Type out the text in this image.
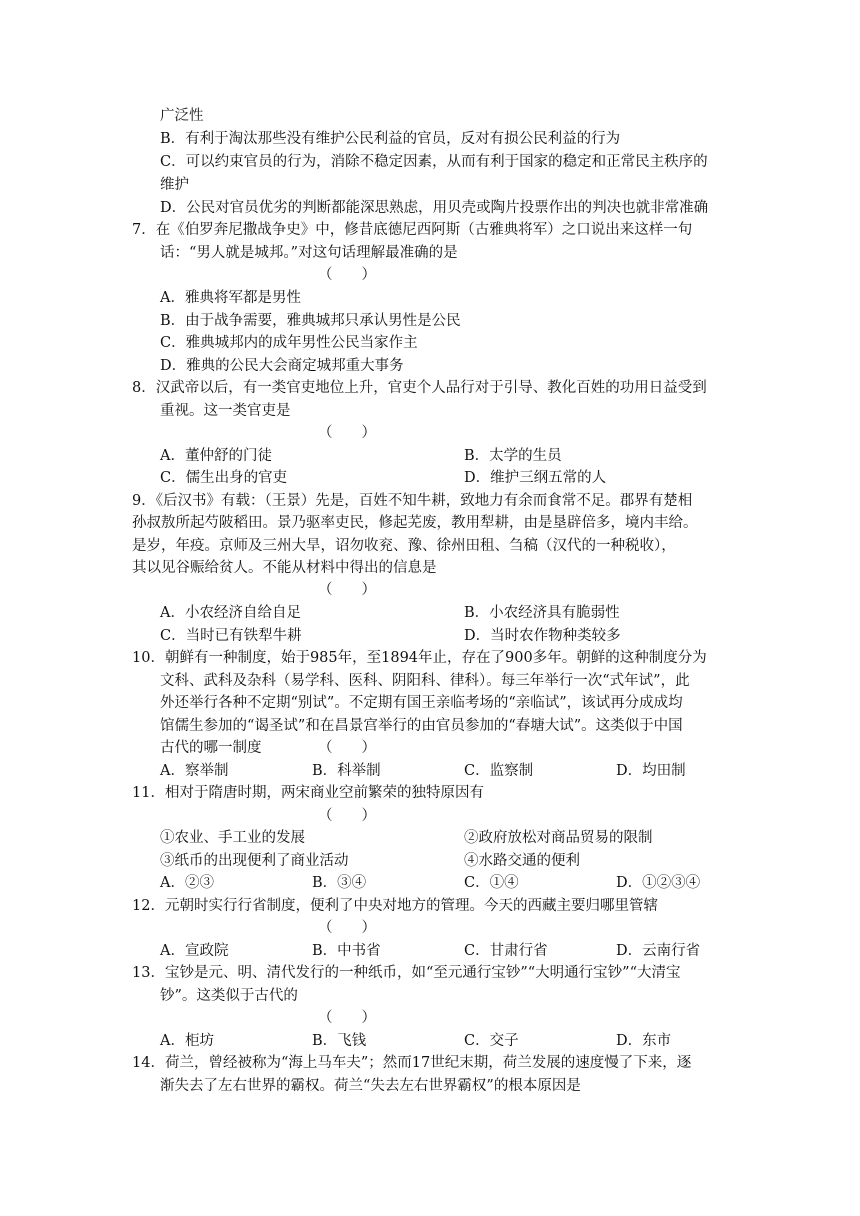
广泛性
B．有利于淘汰那些没有维护公民利益的官员，反对有损公民利益的行为
C．可以约束官员的行为，消除不稳定因素，从而有利于国家的稳定和正常民主秩序的
维护
D．公民对官员优劣的判断都能深思熟虑，用贝壳或陶片投票作出的判决也就非常准确
7．在《伯罗奔尼撒战争史》中，修昔底德尼西阿斯（古雅典将军）之口说出来这样一句
话：“男人就是城邦。”对这句话理解最准确的是
（　　）
A．雅典将军都是男性
B．由于战争需要，雅典城邦只承认男性是公民
C．雅典城邦内的成年男性公民当家作主
D．雅典的公民大会商定城邦重大事务
8．汉武帝以后，有一类官吏地位上升，官吏个人品行对于引导、教化百姓的功用日益受到
重视。这一类官吏是
（　　）
A．董仲舒的门徒	B．太学的生员
C．儒生出身的官吏	D．维护三纲五常的人
9．《后汉书》有载：（王景）先是，百姓不知牛耕，致地力有余而食常不足。郡界有楚相
孙叔敖所起芍陂稻田。景乃驱率吏民，修起芜废，教用犁耕，由是垦辟倍多，境内丰给。
是岁，年疫。京师及三州大旱，诏勿收兖、豫、徐州田租、刍稿（汉代的一种税收），
其以见谷赈给贫人。不能从材料中得出的信息是
（　　）
A．小农经济自给自足	B．小农经济具有脆弱性
C．当时已有铁犁牛耕	D．当时农作物种类较多
10．朝鲜有一种制度，始于985年，至1894年止，存在了900多年。朝鲜的这种制度分为
文科、武科及杂科（易学科、医科、阴阳科、律科）。每三年举行一次“式年试”，此
外还举行各种不定期“别试”。不定期有国王亲临考场的“亲临试”，该试再分成成均
馆儒生参加的“谒圣试”和在昌景宫举行的由官员参加的“春塘大试”。这类似于中国
古代的哪一制度	（　　）
A．察举制	B．科举制	C．监察制	D．均田制
11．相对于隋唐时期，两宋商业空前繁荣的独特原因有
（　　）
①农业、手工业的发展	②政府放松对商品贸易的限制
③纸币的出现便利了商业活动	④水路交通的便利
A．②③	B．③④	C．①④	D．①②③④
12．元朝时实行行省制度，便利了中央对地方的管理。今天的西藏主要归哪里管辖
（　　）
A．宣政院	B．中书省	C．甘肃行省	D．云南行省
13．宝钞是元、明、清代发行的一种纸币，如“至元通行宝钞”“大明通行宝钞”“大清宝
钞”。这类似于古代的
（　　）
A．柜坊	B．飞钱	C．交子	D．东市
14．荷兰，曾经被称为“海上马车夫”；然而17世纪末期，荷兰发展的速度慢了下来，逐
渐失去了左右世界的霸权。荷兰“失去左右世界霸权”的根本原因是
